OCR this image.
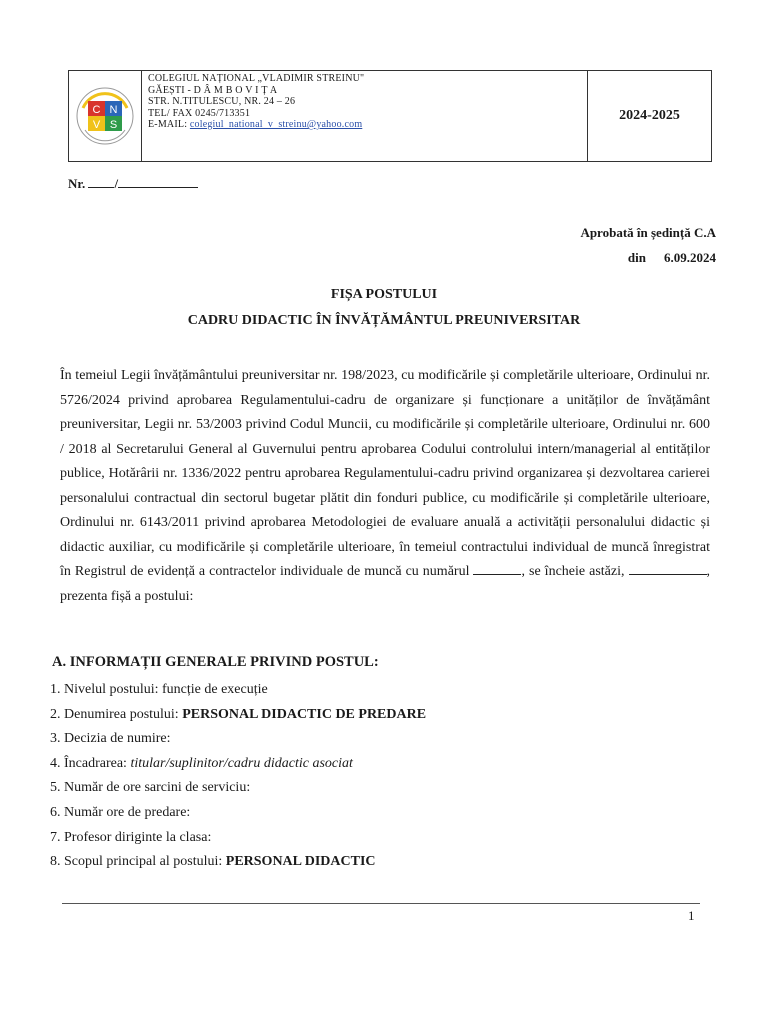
C N
V S
COLEGIUL NAȚIONAL „VLADIMIR STREINU"
GĂEȘTI - D Â M B O V I Ț A
STR. N.TITULESCU, NR. 24 – 26
TEL/ FAX 0245/713351
E-MAIL: colegiul_national_v_streinu@yahoo.com
2024-2025
Nr. /
Aprobată în ședință C.A
din 6.09.2024
FIȘA POSTULUI
CADRU DIDACTIC ÎN ÎNVĂȚĂMÂNTUL PREUNIVERSITAR

În temeiul Legii învățământului preuniversitar nr. 198/2023, cu modificările și completările ulterioare, Ordinului nr. 5726/2024 privind aprobarea Regulamentului-cadru de organizare și funcționare a unităților de învățământ preuniversitar, Legii nr. 53/2003 privind Codul Muncii, cu modificările și completările ulterioare, Ordinului nr. 600 / 2018 al Secretarului General al Guvernului pentru aprobarea Codului controlului intern/managerial al entităților publice, Hotărârii nr. 1336/2022 pentru aprobarea Regulamentului-cadru privind organizarea și dezvoltarea carierei personalului contractual din sectorul bugetar plătit din fonduri publice, cu modificările și completările ulterioare, Ordinului nr. 6143/2011 privind aprobarea Metodologiei de evaluare anuală a activității personalului didactic și didactic auxiliar, cu modificările și completările ulterioare, în temeiul contractului individual de muncă înregistrat în Registrul de evidență a contractelor individuale de muncă cu numărul	, se încheie astăzi,	, prezenta fișă a postului:

A. INFORMAȚII GENERALE PRIVIND POSTUL:
1. Nivelul postului: funcție de execuție
2. Denumirea postului: PERSONAL DIDACTIC DE PREDARE
3. Decizia de numire:
4. Încadrarea: titular/suplinitor/cadru didactic asociat
5. Număr de ore sarcini de serviciu:
6. Număr ore de predare:
7. Profesor diriginte la clasa:
8. Scopul principal al postului: PERSONAL DIDACTIC
1
